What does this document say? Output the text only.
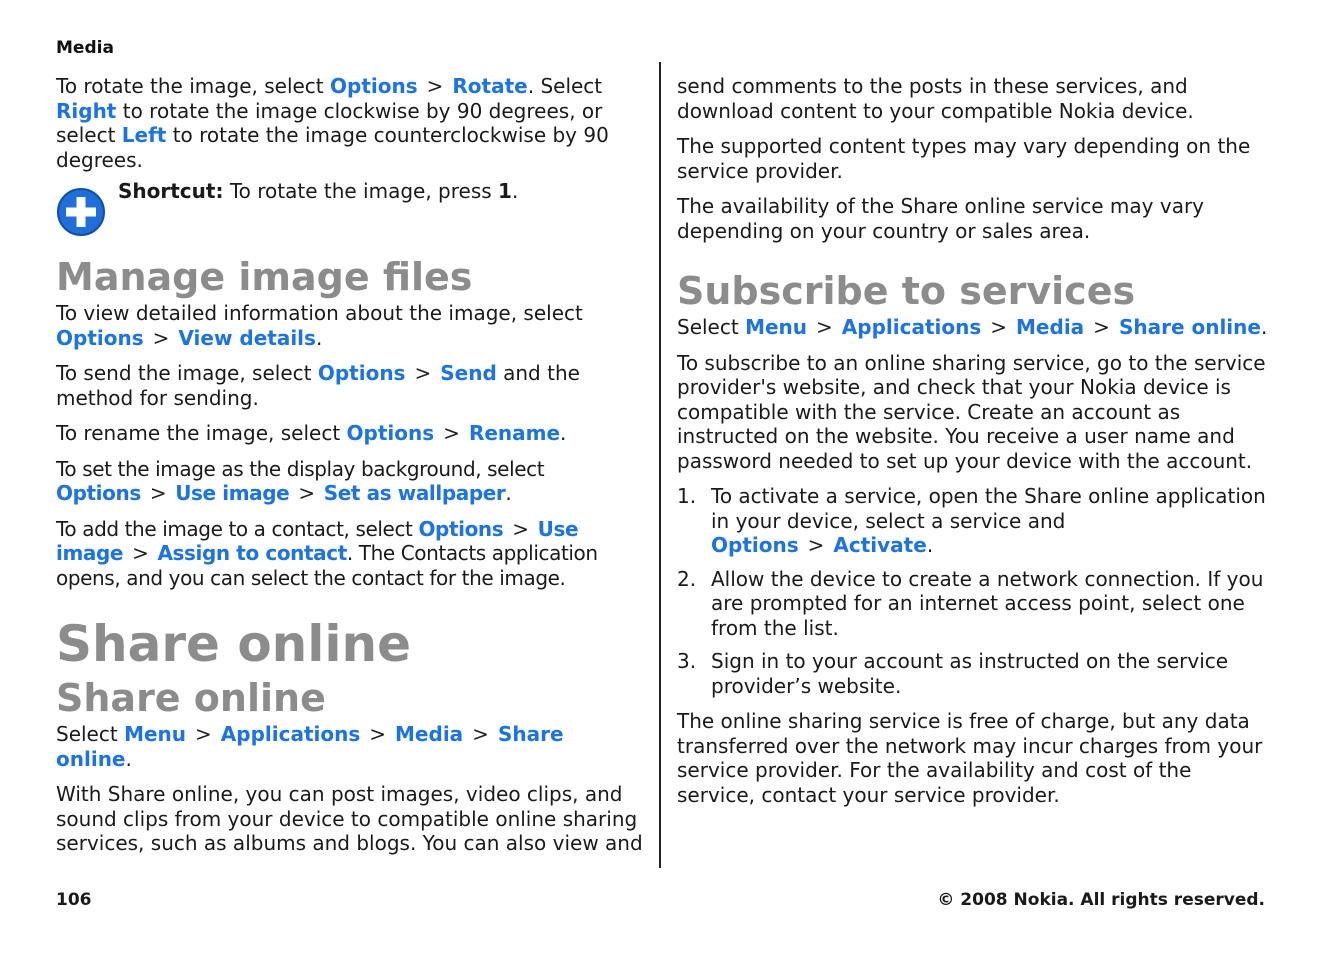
Media

To rotate the image, select Options > Rotate. Select Right to rotate the image clockwise by 90 degrees, or select Left to rotate the image counterclockwise by 90 degrees.

Shortcut: To rotate the image, press 1.
Manage image files

To view detailed information about the image, select Options > View details.

To send the image, select Options > Send and the method for sending.

To rename the image, select Options > Rename.

To set the image as the display background, select Options > Use image > Set as wallpaper.

To add the image to a contact, select Options > Use image > Assign to contact. The Contacts application opens, and you can select the contact for the image.

Share online
Share online

Select Menu > Applications > Media > Share online.

With Share online, you can post images, video clips, and sound clips from your device to compatible online sharing services, such as albums and blogs. You can also view and

send comments to the posts in these services, and download content to your compatible Nokia device.

The supported content types may vary depending on the service provider.

The availability of the Share online service may vary depending on your country or sales area.

Subscribe to services

Select Menu > Applications > Media > Share online.

To subscribe to an online sharing service, go to the service provider's website, and check that your Nokia device is compatible with the service. Create an account as instructed on the website. You receive a user name and password needed to set up your device with the account.

1. To activate a service, open the Share online application in your device, select a service and Options > Activate.
2. Allow the device to create a network connection. If you are prompted for an internet access point, select one from the list.
3. Sign in to your account as instructed on the service provider’s website.

The online sharing service is free of charge, but any data transferred over the network may incur charges from your service provider. For the availability and cost of the service, contact your service provider.

106	© 2008 Nokia. All rights reserved.
